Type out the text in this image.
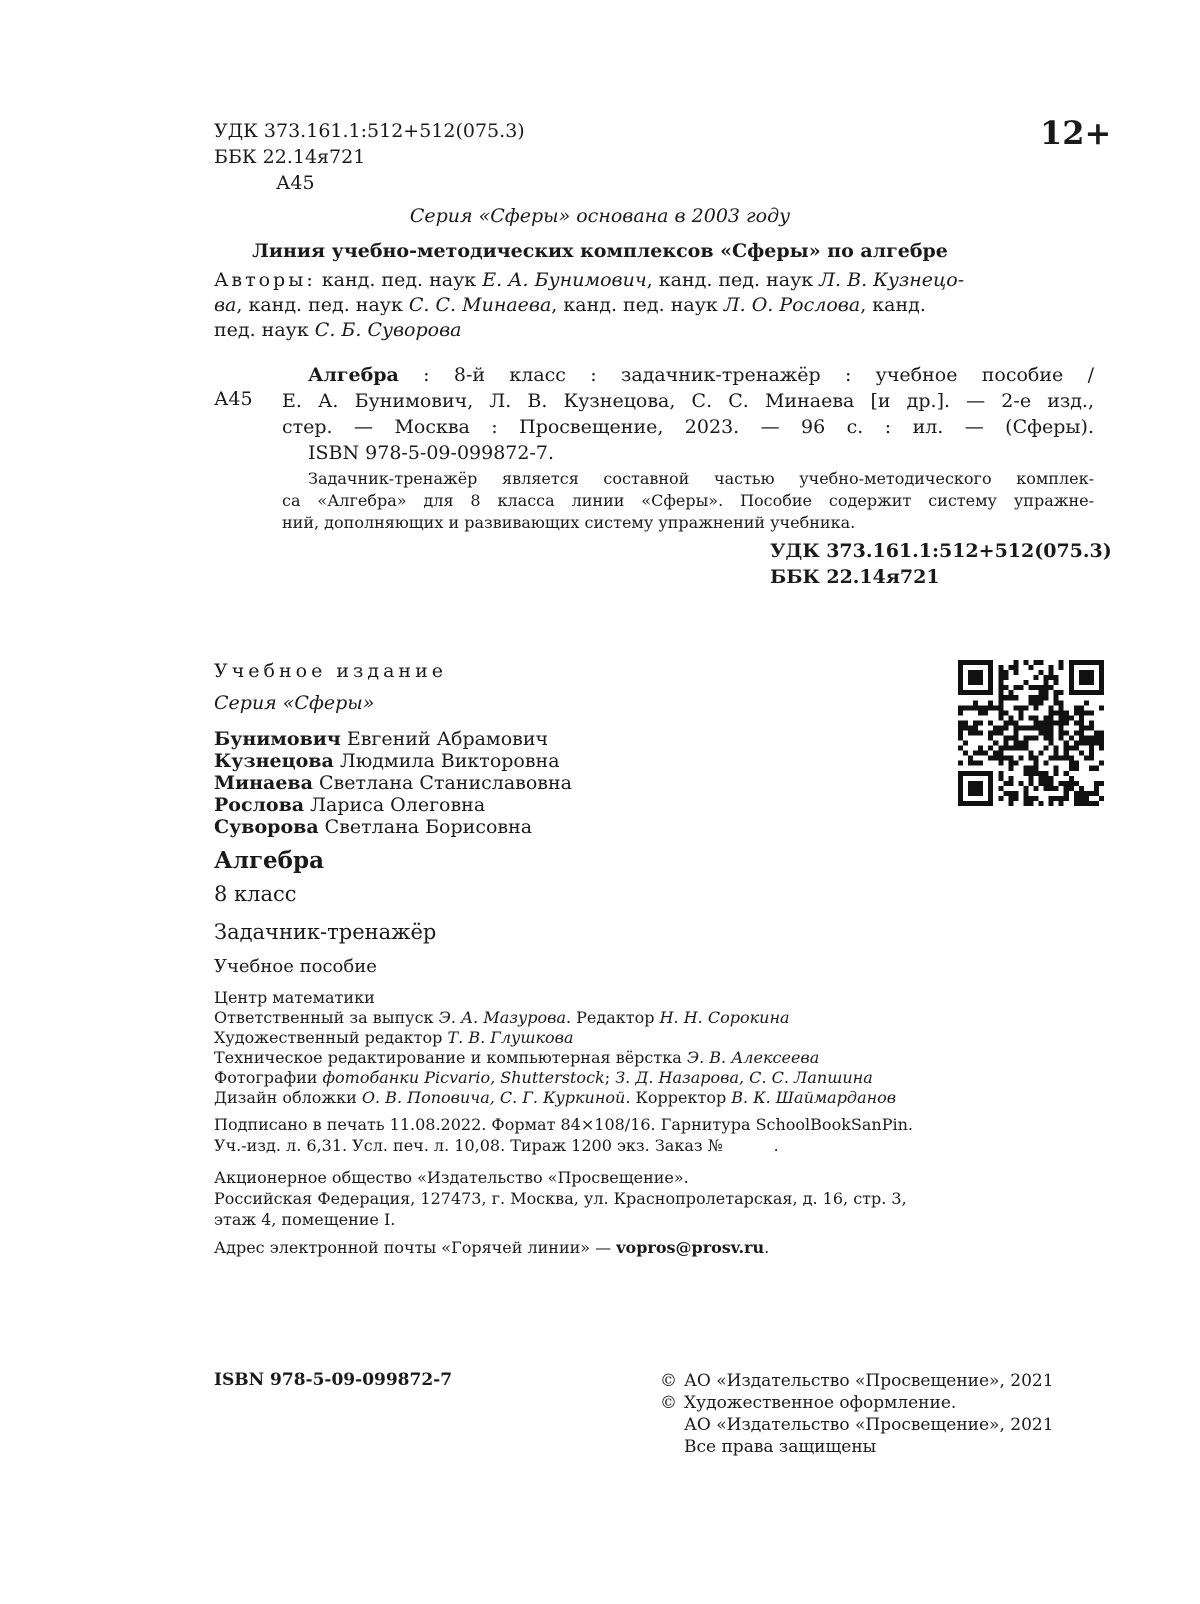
УДК 373.161.1:512+512(075.3)
ББК 22.14я721
А45
12+
Серия «Сферы» основана в 2003 году
Линия учебно-методических комплексов «Сферы» по алгебре
Авторы: канд. пед. наук Е. А. Бунимович, канд. пед. наук Л. В. Кузнецо-
ва, канд. пед. наук С. С. Минаева, канд. пед. наук Л. О. Рослова, канд.
пед. наук С. Б. Суворова
А45
Алгебра : 8-й класс : задачник-тренажёр : учебное пособие /
Е. А. Бунимович, Л. В. Кузнецова, С. С. Минаева [и др.]. — 2-е изд.,
стер. — Москва : Просвещение, 2023. — 96 с. : ил. — (Сферы).
ISBN 978-5-09-099872-7.
Задачник-тренажёр является составной частью учебно-методического комплек-
са «Алгебра» для 8 класса линии «Сферы». Пособие содержит систему упражне-
ний, дополняющих и развивающих систему упражнений учебника.
УДК 373.161.1:512+512(075.3)
ББК 22.14я721
Учебное издание
Серия «Сферы»
Бунимович Евгений Абрамович
Кузнецова Людмила Викторовна
Минаева Светлана Станиславовна
Рослова Лариса Олеговна
Суворова Светлана Борисовна
Алгебра
8 класс
Задачник-тренажёр
Учебное пособие
Центр математики
Ответственный за выпуск Э. А. Мазурова. Редактор Н. Н. Сорокина
Художественный редактор Т. В. Глушкова
Техническое редактирование и компьютерная вёрстка Э. В. Алексеева
Фотографии фотобанки Picvario, Shutterstock; З. Д. Назарова, С. С. Лапшина
Дизайн обложки О. В. Поповича, С. Г. Куркиной. Корректор В. К. Шаймарданов
Подписано в печать 11.08.2022. Формат 84×108/16. Гарнитура SchoolBookSanPin.
Уч.-изд. л. 6,31. Усл. печ. л. 10,08. Тираж 1200 экз. Заказ №          .
Акционерное общество «Издательство «Просвещение».
Российская Федерация, 127473, г. Москва, ул. Краснопролетарская, д. 16, стр. 3,
этаж 4, помещение I.
Адрес электронной почты «Горячей линии» — vopros@prosv.ru.
ISBN 978-5-09-099872-7	© АО «Издательство «Просвещение», 2021
© Художественное оформление.
АО «Издательство «Просвещение», 2021
Все права защищены
